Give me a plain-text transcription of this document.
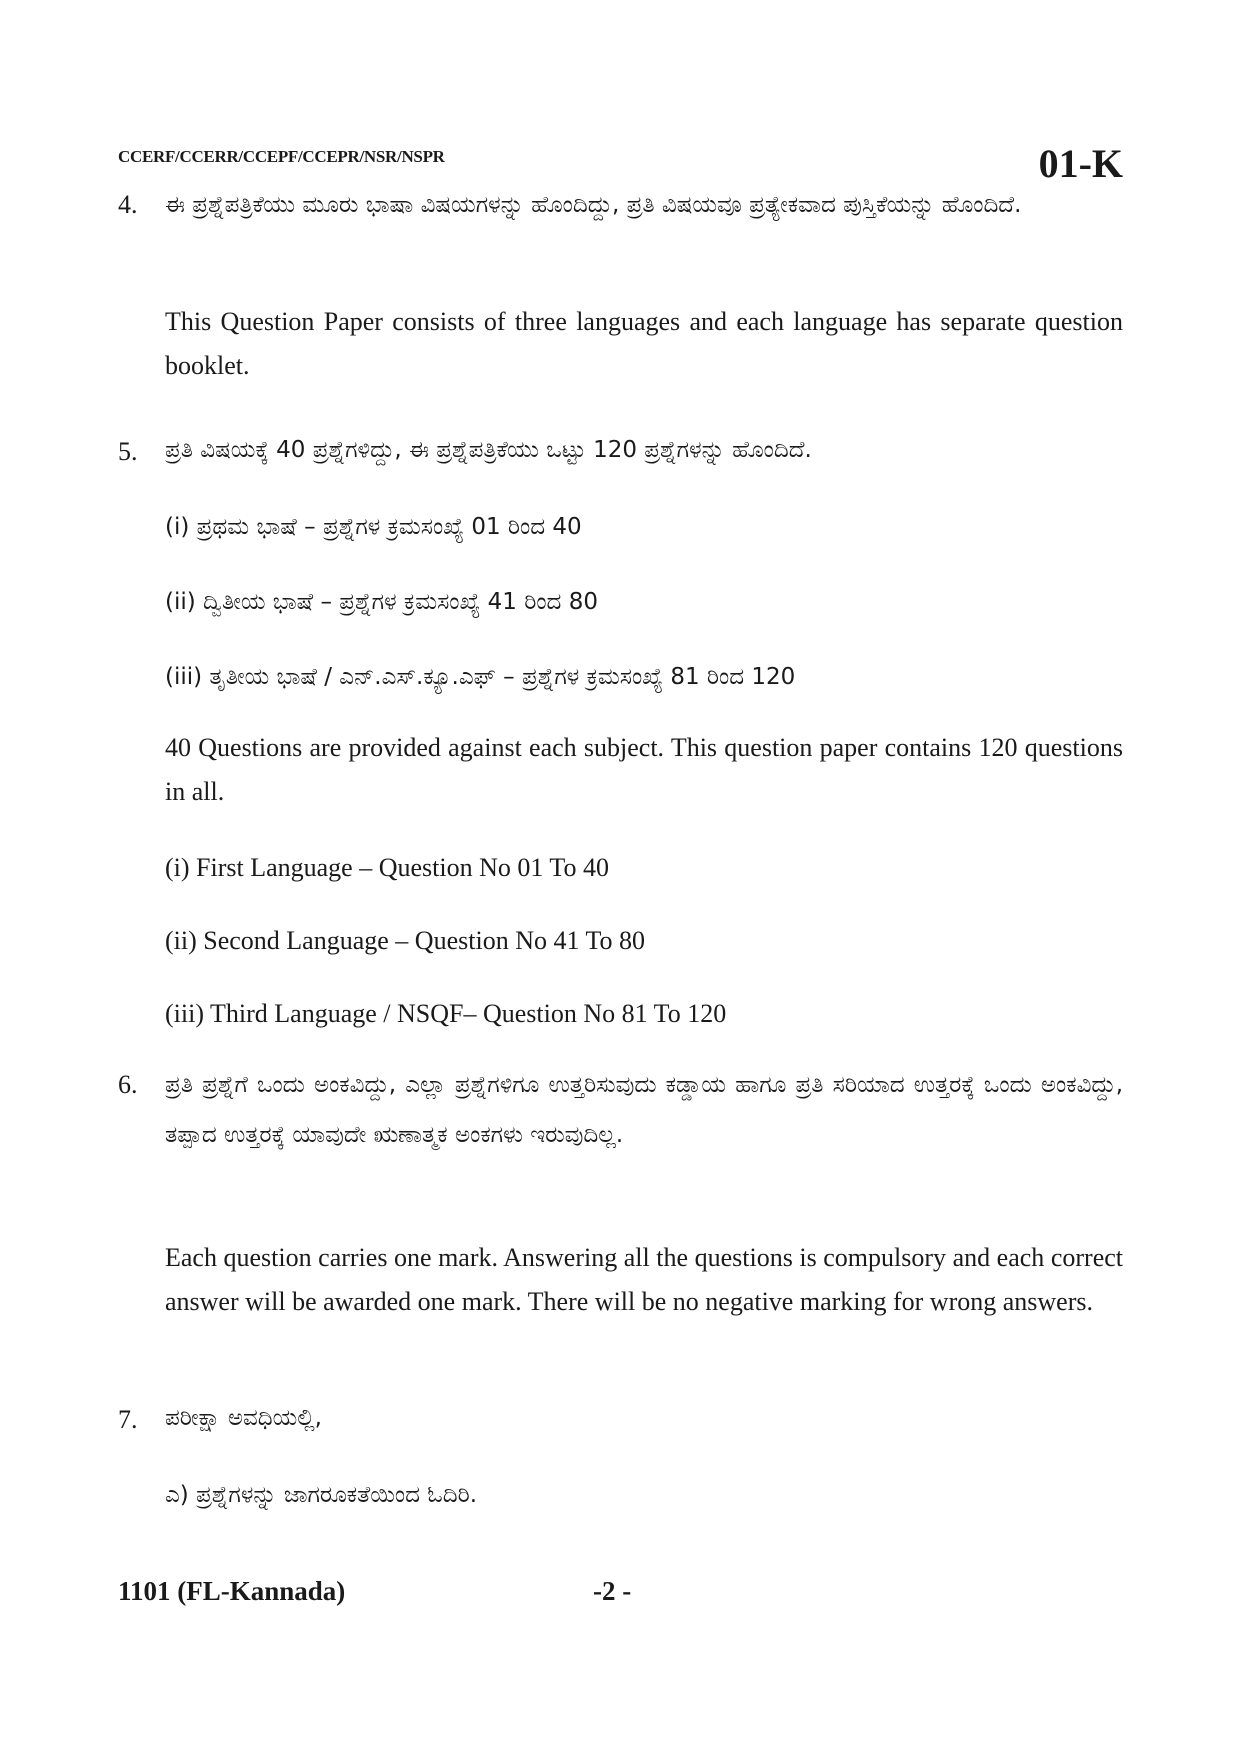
CCERF/CCERR/CCEPF/CCEPR/NSR/NSPR	01-K
4. ಈ ಪ್ರಶ್ನೆಪತ್ರಿಕೆಯು ಮೂರು ಭಾಷಾ ವಿಷಯಗಳನ್ನು ಹೊಂದಿದ್ದು, ಪ್ರತಿ ವಿಷಯವೂ ಪ್ರತ್ಯೇಕವಾದ ಪುಸ್ತಿಕೆಯನ್ನು ಹೊಂದಿದೆ.
This Question Paper consists of three languages and each language has separate question booklet.
5. ಪ್ರತಿ ವಿಷಯಕ್ಕೆ 40 ಪ್ರಶ್ನೆಗಳಿದ್ದು, ಈ ಪ್ರಶ್ನೆಪತ್ರಿಕೆಯು ಒಟ್ಟು 120 ಪ್ರಶ್ನೆಗಳನ್ನು ಹೊಂದಿದೆ.
(i) ಪ್ರಥಮ ಭಾಷೆ – ಪ್ರಶ್ನೆಗಳ ಕ್ರಮಸಂಖ್ಯೆ 01 ರಿಂದ 40
(ii) ದ್ವಿತೀಯ ಭಾಷೆ – ಪ್ರಶ್ನೆಗಳ ಕ್ರಮಸಂಖ್ಯೆ 41 ರಿಂದ 80
(iii) ತೃತೀಯ ಭಾಷೆ / ಎನ್.ಎಸ್.ಕ್ಯೂ.ಎಫ್ – ಪ್ರಶ್ನೆಗಳ ಕ್ರಮಸಂಖ್ಯೆ 81 ರಿಂದ 120
40 Questions are provided against each subject. This question paper contains 120 questions in all.
(i) First Language – Question No 01 To 40
(ii) Second Language – Question No 41 To 80
(iii) Third Language / NSQF– Question No 81 To 120
6. ಪ್ರತಿ ಪ್ರಶ್ನೆಗೆ ಒಂದು ಅಂಕವಿದ್ದು, ಎಲ್ಲಾ ಪ್ರಶ್ನೆಗಳಿಗೂ ಉತ್ತರಿಸುವುದು ಕಡ್ಡಾಯ ಹಾಗೂ ಪ್ರತಿ ಸರಿಯಾದ ಉತ್ತರಕ್ಕೆ ಒಂದು ಅಂಕವಿದ್ದು, ತಪ್ಪಾದ ಉತ್ತರಕ್ಕೆ ಯಾವುದೇ ಋಣಾತ್ಮಕ ಅಂಕಗಳು ಇರುವುದಿಲ್ಲ.
Each question carries one mark. Answering all the questions is compulsory and each correct answer will be awarded one mark. There will be no negative marking for wrong answers.
7. ಪರೀಕ್ಷಾ ಅವಧಿಯಲ್ಲಿ,
ಎ) ಪ್ರಶ್ನೆಗಳನ್ನು ಜಾಗರೂಕತೆಯಿಂದ ಓದಿರಿ.
1101 (FL-Kannada)	-2 -
